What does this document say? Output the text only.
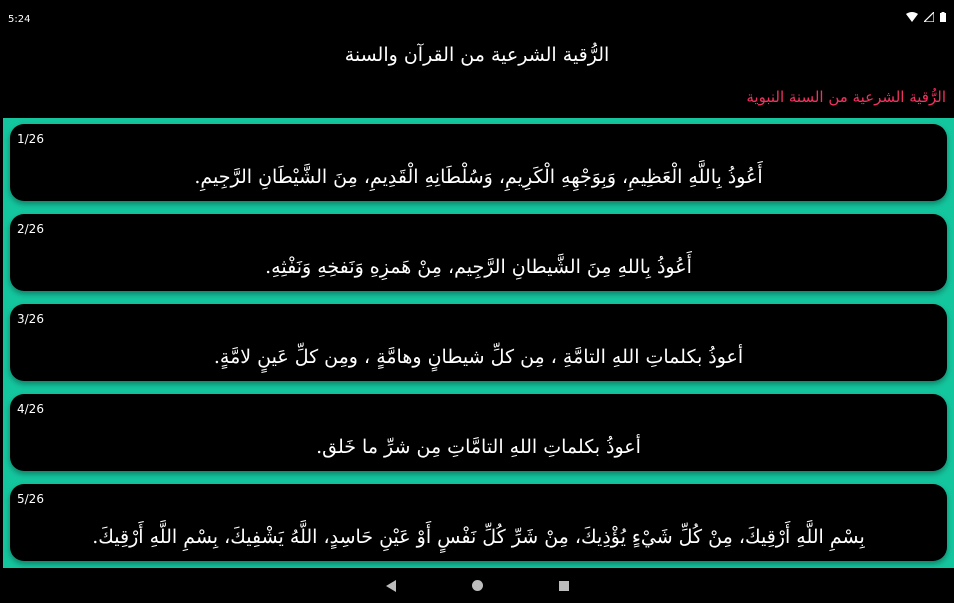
5:24
الرُّقية الشرعية من القرآن والسنة
الرُّقية الشرعية من السنة النبوية
1/26
أَعُوذُ بِاللَّهِ الْعَظِيمِ، وَبِوَجْهِهِ الْكَرِيمِ، وَسُلْطَانِهِ الْقَدِيمِ، مِنَ الشَّيْطَانِ الرَّجِيمِ.
2/26
أَعُوذُ بِاللهِ مِنَ الشَّيطانِ الرَّجِيم، مِنْ هَمزِهِ وَنَفخِهِ وَنَفْثِهِ.
3/26
أعوذُ بكلماتِ اللهِ التامَّةِ ، مِن كلِّ شيطانٍ وهامَّةٍ ، ومِن كلِّ عَينٍ لامَّةٍ.
4/26
أعوذُ بكلماتِ اللهِ التامَّاتِ مِن شرِّ ما خَلق.
5/26
بِسْمِ اللَّهِ أَرْقِيكَ، مِنْ كُلِّ شَيْءٍ يُؤْذِيكَ، مِنْ شَرِّ كُلِّ نَفْسٍ أَوْ عَيْنِ حَاسِدٍ، اللَّهُ يَشْفِيكَ، بِسْمِ اللَّهِ أَرْقِيكَ.
